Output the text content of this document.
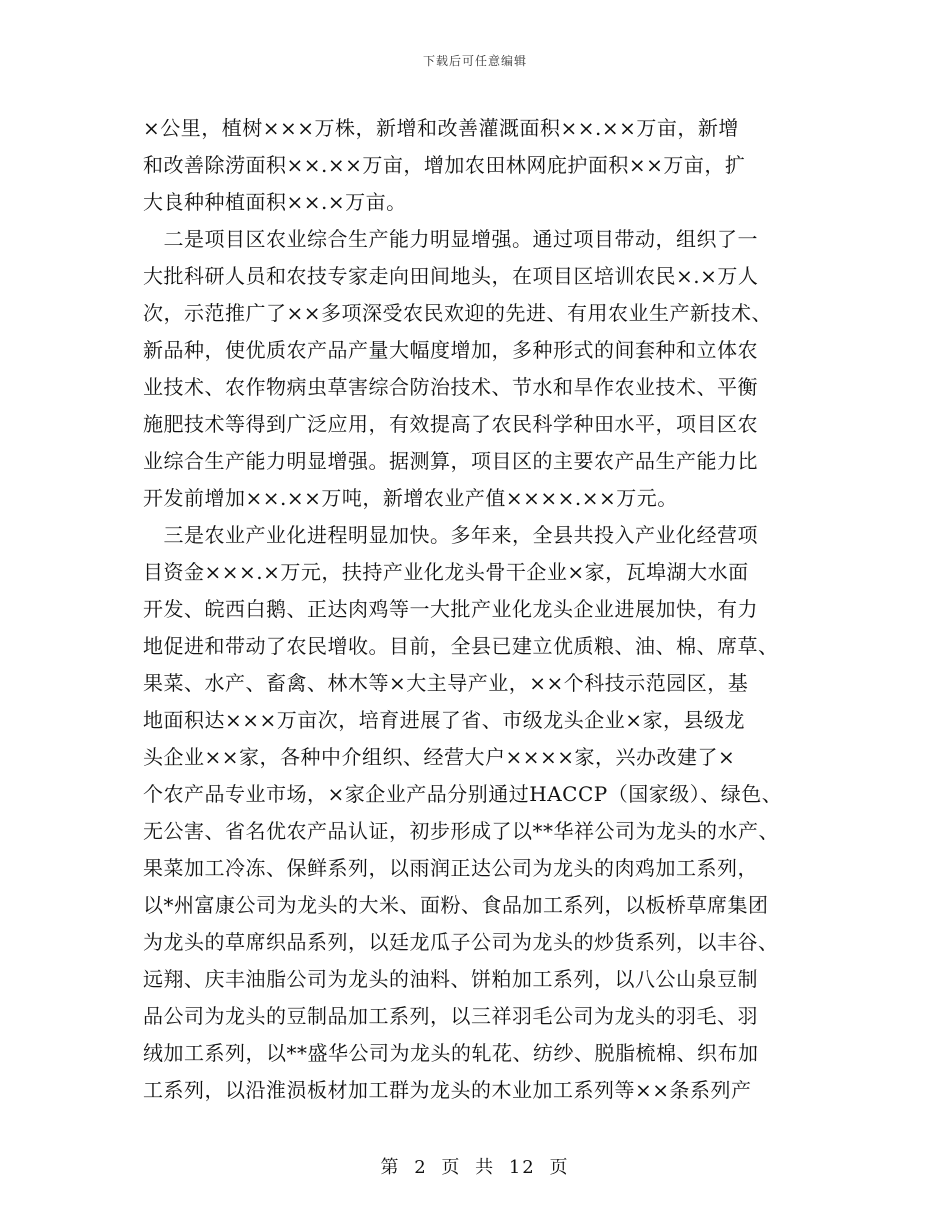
下载后可任意编辑
×公里，植树×××万株，新增和改善灌溉面积××.××万亩，新增
和改善除涝面积××.××万亩，增加农田林网庇护面积××万亩，扩
大良种种植面积××.×万亩。
　二是项目区农业综合生产能力明显增强。通过项目带动，组织了一
大批科研人员和农技专家走向田间地头，在项目区培训农民×.×万人
次，示范推广了××多项深受农民欢迎的先进、有用农业生产新技术、
新品种，使优质农产品产量大幅度增加，多种形式的间套种和立体农
业技术、农作物病虫草害综合防治技术、节水和旱作农业技术、平衡
施肥技术等得到广泛应用，有效提高了农民科学种田水平，项目区农
业综合生产能力明显增强。据测算，项目区的主要农产品生产能力比
开发前增加××.××万吨，新增农业产值××××.××万元。
　三是农业产业化进程明显加快。多年来，全县共投入产业化经营项
目资金×××.×万元，扶持产业化龙头骨干企业×家，瓦埠湖大水面
开发、皖西白鹅、正达肉鸡等一大批产业化龙头企业进展加快，有力
地促进和带动了农民增收。目前，全县已建立优质粮、油、棉、席草、
果菜、水产、畜禽、林木等×大主导产业，××个科技示范园区，基
地面积达×××万亩次，培育进展了省、市级龙头企业×家，县级龙
头企业××家，各种中介组织、经营大户××××家，兴办改建了×
个农产品专业市场，×家企业产品分别通过HACCP（国家级）、绿色、
无公害、省名优农产品认证，初步形成了以**华祥公司为龙头的水产、
果菜加工冷冻、保鲜系列，以雨润正达公司为龙头的肉鸡加工系列，
以*州富康公司为龙头的大米、面粉、食品加工系列，以板桥草席集团
为龙头的草席织品系列，以廷龙瓜子公司为龙头的炒货系列，以丰谷、
远翔、庆丰油脂公司为龙头的油料、饼粕加工系列，以八公山泉豆制
品公司为龙头的豆制品加工系列，以三祥羽毛公司为龙头的羽毛、羽
绒加工系列，以**盛华公司为龙头的轧花、纺纱、脱脂梳棉、织布加
工系列，以沿淮涢板材加工群为龙头的木业加工系列等××条系列产
第 2 页 共 12 页
